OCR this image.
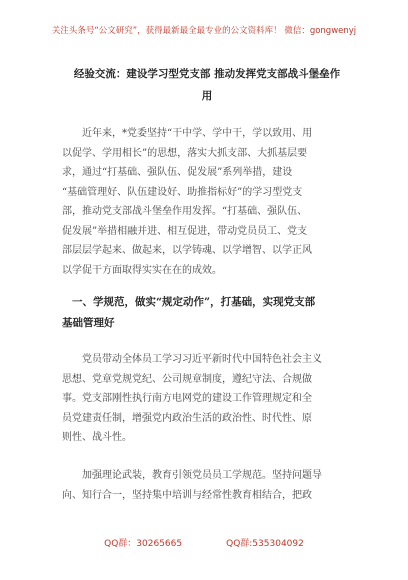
关注头条号“公文研究”，获得最新最全最专业的公文资料库！ 微信：gongwenyj
经验交流：建设学习型党支部 推动发挥党支部战斗堡垒作
用
近年来，*党委坚持“干中学、学中干，学以致用、用
以促学、学用相长”的思想，落实大抓支部、大抓基层要
求，通过“打基础、强队伍、促发展”系列举措，建设
“基础管理好、队伍建设好、助推指标好”的学习型党支
部，推动党支部战斗堡垒作用发挥。“打基础、强队伍、
促发展”举措相融并进、相互促进，带动党员员工、党支
部层层学起来、做起来，以学铸魂、以学增智、以学正风
以学促干方面取得实实在在的成效。
一、学规范，做实“规定动作”，打基础，实现党支部
基础管理好
党员带动全体员工学习习近平新时代中国特色社会主义
思想、党章党规党纪、公司规章制度，遵纪守法、合规做
事。党支部刚性执行南方电网党的建设工作管理规定和全
员党建责任制，增强党内政治生活的政治性、时代性、原
则性、战斗性。
加强理论武装，教育引领党员员工学规范。坚持问题导
向、知行合一，坚持集中培训与经常性教育相结合，把政
QQ群：30265665	QQ群:535304092
